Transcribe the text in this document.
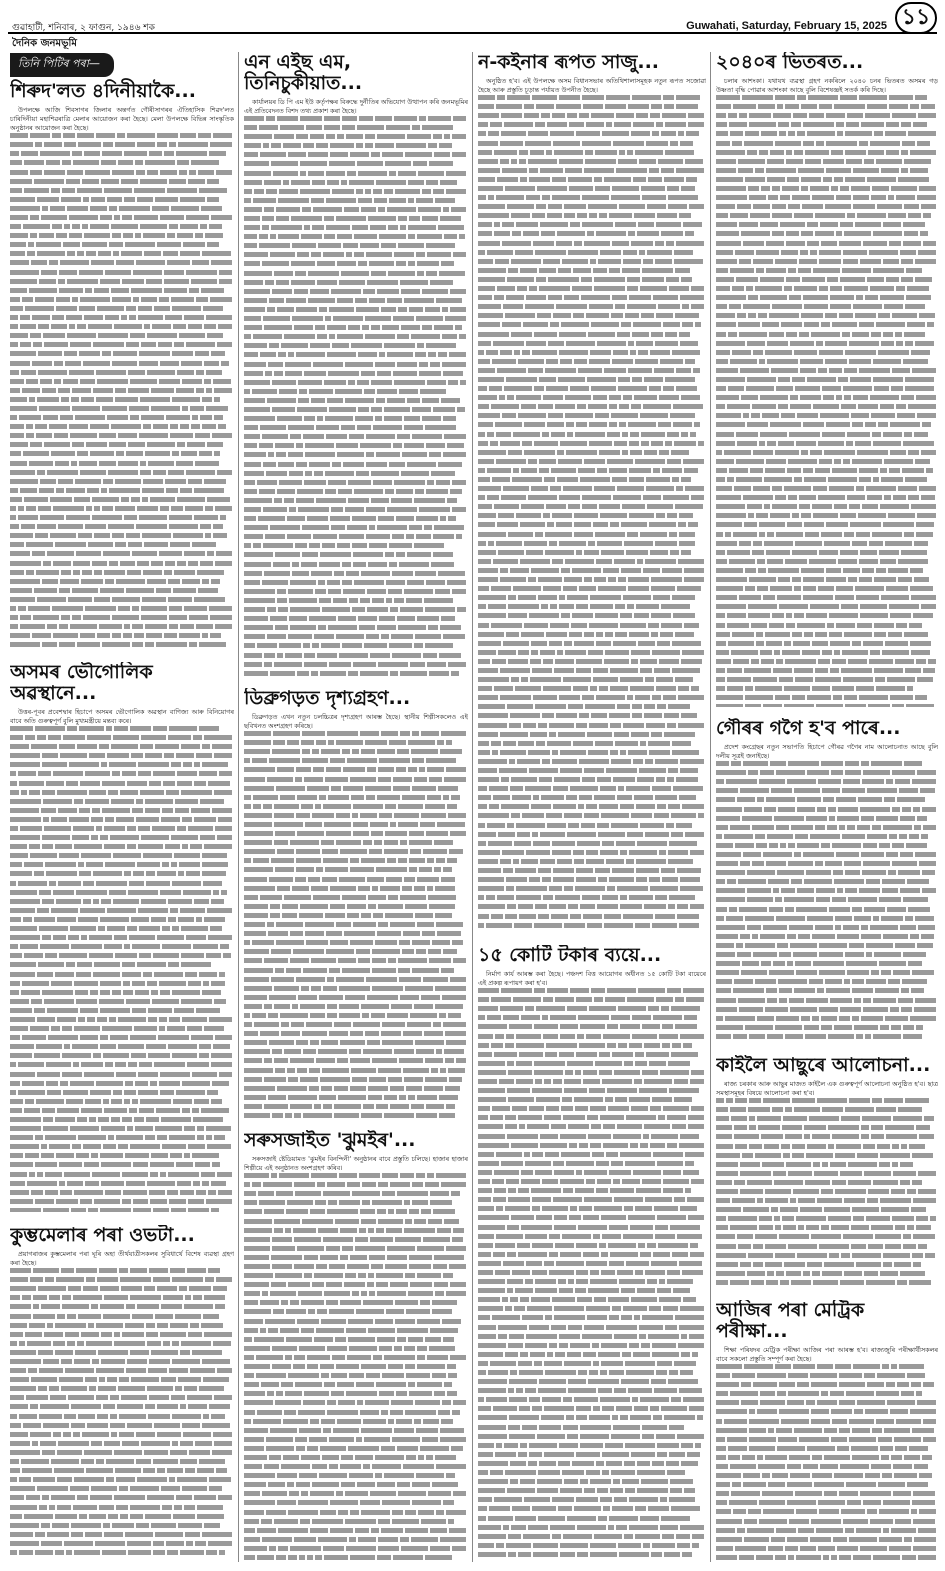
গুৱাহাটী, শনিবাৰ, ২ ফাগুন, ১৯৪৬ শক	Guwahati, Saturday, February 15, 2025 ১১
দৈনিক জনমভূমি
তিনি পিটিৰ পৰা—
শিৰুদ'লত ৪দিনীয়াকৈ...
উপলক্ষে আজি শিবসাগৰ জিলাৰ অন্তৰ্গত গৌৰীসাগৰৰ ঐতিহাসিক শিৱদ'লত চাৰিদিনীয়া মহাশিৱৰাত্ৰি মেলাৰ আয়োজন কৰা হৈছে। মেলা উপলক্ষে বিভিন্ন সাংস্কৃতিক অনুষ্ঠানৰ আয়োজন কৰা হৈছে।
অসমৰ ভৌগোলিক অৱস্থানে...
উত্তৰ-পূবৰ প্ৰবেশদ্বাৰ হিচাপে অসমৰ ভৌগোলিক অৱস্থান বাণিজ্য আৰু বিনিয়োগৰ বাবে অতি গুৰুত্বপূৰ্ণ বুলি মুখ্যমন্ত্ৰীয়ে মন্তব্য কৰে।
কুম্ভমেলাৰ পৰা ওভটা...
প্ৰয়াগৰাজৰ কুম্ভমেলাৰ পৰা ঘূৰি অহা তীৰ্থযাত্ৰীসকলৰ সুবিধাৰ্থে বিশেষ ব্যৱস্থা গ্ৰহণ কৰা হৈছে।
এন এইছ এম, তিনিচুকীয়াত...
কাৰ্যালয়ৰ ডি পি এম ইউ কৰ্তৃপক্ষৰ বিৰুদ্ধে দুৰ্নীতিৰ অভিযোগ উত্থাপন কৰি জনমভূমিৰ এই প্ৰতিবেদনত বিশদ তথ্য প্ৰকাশ কৰা হৈছে।
ডিব্ৰুগড়ত দৃশ্যগ্ৰহণ...
ডিব্ৰুগড়ত এখন নতুন চলচ্চিত্ৰৰ দৃশ্যগ্ৰহণ আৰম্ভ হৈছে। স্থানীয় শিল্পীসকলেও এই ছবিখনত অংশগ্ৰহণ কৰিছে।
সৰুসজাইত 'ঝুমইৰ'...
সৰুসজাই ষ্টেডিয়ামত 'ঝুমইৰ বিনন্দিনী' অনুষ্ঠানৰ বাবে প্ৰস্তুতি চলিছে। হাজাৰ হাজাৰ শিল্পীয়ে এই অনুষ্ঠানত অংশগ্ৰহণ কৰিব।
ন-কইনাৰ ৰূপত সাজু...
অনুষ্ঠিত হ'ব। এই উপলক্ষে অসম বিধানসভাৰ অতিথিশালাসমূহক নতুন ৰূপত সজোৱা হৈছে আৰু প্ৰস্তুতি চূড়ান্ত পৰ্যায়ত উপনীত হৈছে।
১৫ কোটি টকাৰ ব্যয়ে...
নিৰ্মাণ কাৰ্য আৰম্ভ কৰা হৈছে। পঞ্চদশ বিত্ত আয়োগৰ অধীনত ১৫ কোটি টকা ব্যয়েৰে এই প্ৰকল্প ৰূপায়ণ কৰা হ'ব।
২০৪০ৰ ভিতৰত...
চলাৰ আশংকা। যথাযথ ব্যৱস্থা গ্ৰহণ নকৰিলে ২০৪০ চনৰ ভিতৰত অসমৰ গড় উষ্ণতা বৃদ্ধি পোৱাৰ আশংকা আছে বুলি বিশেষজ্ঞই সতৰ্ক কৰি দিছে।
গৌৰৰ গগৈ হ'ব পাৰে...
প্ৰদেশ কংগ্ৰেছৰ নতুন সভাপতি হিচাপে গৌৰৱ গগৈৰ নাম আলোচনাত আছে বুলি দলীয় সূত্ৰই জনাইছে।
কাইলৈ আছুৰে আলোচনা...
ৰাজ্য চৰকাৰ আৰু আছুৰ মাজত কাইলৈ এক গুৰুত্বপূৰ্ণ আলোচনা অনুষ্ঠিত হ'ব। ছাত্ৰ সমস্থাসমূহৰ বিষয়ে আলোচনা কৰা হ'ব।
আজিৰ পৰা মেট্ৰিক পৰীক্ষা...
শিক্ষা পৰিষদৰ মেট্ৰিক পৰীক্ষা আজিৰ পৰা আৰম্ভ হ'ব। ৰাজ্যজুৰি পৰীক্ষাৰ্থীসকলৰ বাবে সকলো প্ৰস্তুতি সম্পূৰ্ণ কৰা হৈছে।
